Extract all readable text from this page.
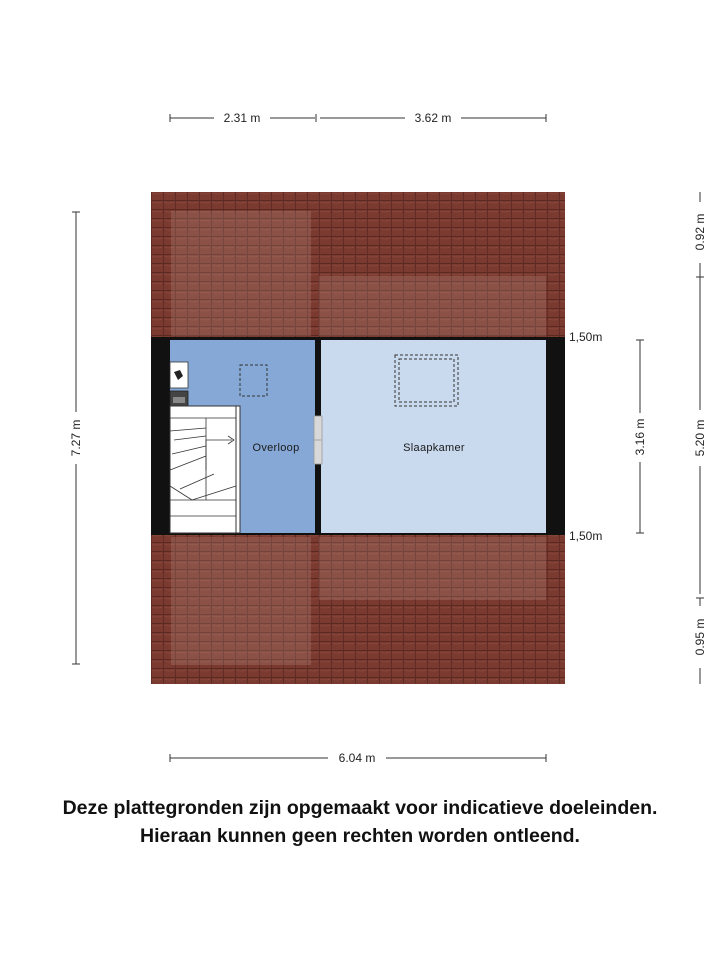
2.31 m	3.62 m
Overloop	Slaapkamer
7.27 m
1,50m
1,50m
3.16 m
0.92 m
5.20 m
0.95 m
6.04 m
Deze plattegronden zijn opgemaakt voor indicatieve doeleinden.
Hieraan kunnen geen rechten worden ontleend.
